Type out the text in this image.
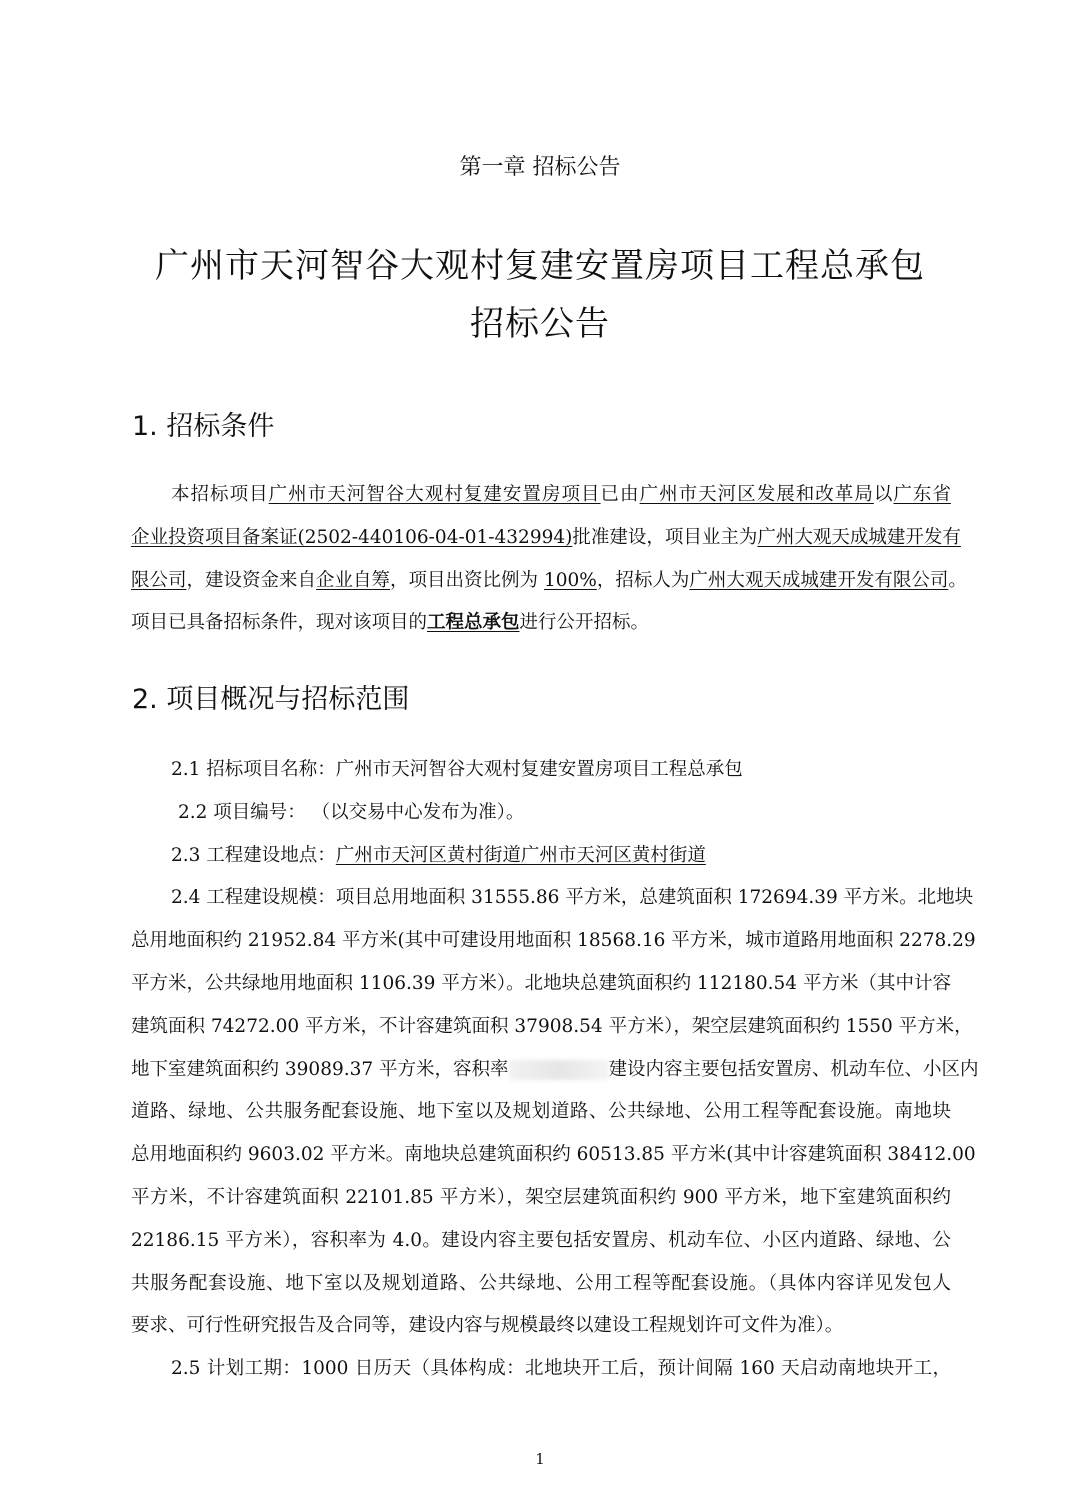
第一章 招标公告
广州市天河智谷大观村复建安置房项目工程总承包
招标公告
1. 招标条件
本招标项目广州市天河智谷大观村复建安置房项目已由广州市天河区发展和改革局以广东省
企业投资项目备案证(2502-440106-04-01-432994)批准建设，项目业主为广州大观天成城建开发有
限公司，建设资金来自企业自筹，项目出资比例为 100%，招标人为广州大观天成城建开发有限公司。
项目已具备招标条件，现对该项目的工程总承包进行公开招标。
2. 项目概况与招标范围
2.1 招标项目名称：广州市天河智谷大观村复建安置房项目工程总承包
2.2 项目编号： （以交易中心发布为准）。
2.3 工程建设地点：广州市天河区黄村街道广州市天河区黄村街道
2.4 工程建设规模：项目总用地面积 31555.86 平方米，总建筑面积 172694.39 平方米。北地块
总用地面积约 21952.84 平方米(其中可建设用地面积 18568.16 平方米，城市道路用地面积 2278.29
平方米，公共绿地用地面积 1106.39 平方米）。北地块总建筑面积约 112180.54 平方米（其中计容
建筑面积 74272.00 平方米，不计容建筑面积 37908.54 平方米），架空层建筑面积约 1550 平方米，
地下室建筑面积约 39089.37 平方米，容积率	建设内容主要包括安置房、机动车位、小区内
道路、绿地、公共服务配套设施、地下室以及规划道路、公共绿地、公用工程等配套设施。南地块
总用地面积约 9603.02 平方米。南地块总建筑面积约 60513.85 平方米(其中计容建筑面积 38412.00
平方米，不计容建筑面积 22101.85 平方米），架空层建筑面积约 900 平方米，地下室建筑面积约
22186.15 平方米），容积率为 4.0。建设内容主要包括安置房、机动车位、小区内道路、绿地、公
共服务配套设施、地下室以及规划道路、公共绿地、公用工程等配套设施。（具体内容详见发包人
要求、可行性研究报告及合同等，建设内容与规模最终以建设工程规划许可文件为准）。
2.5 计划工期：1000 日历天（具体构成：北地块开工后，预计间隔 160 天启动南地块开工，
1
